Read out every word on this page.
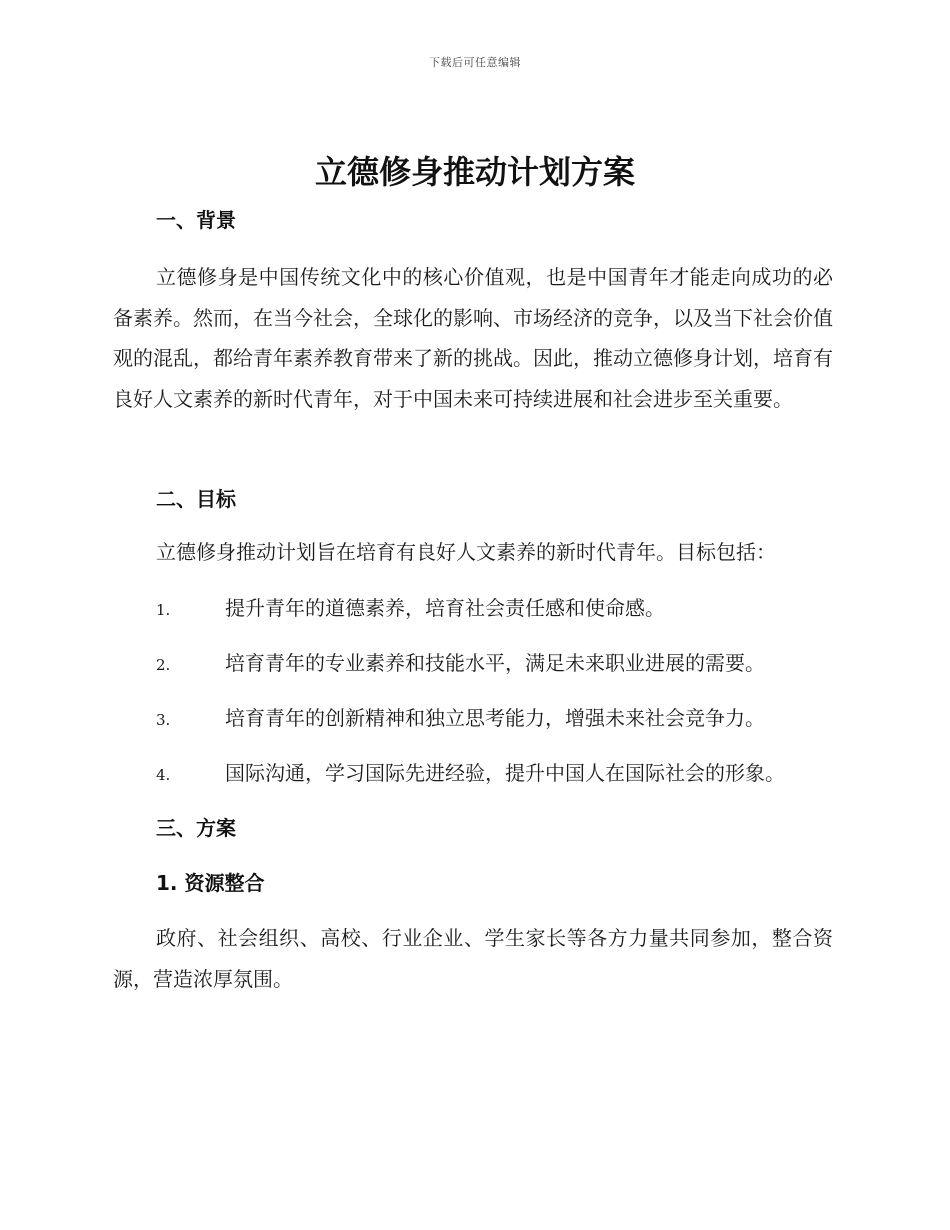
下载后可任意编辑
立德修身推动计划方案
一、背景

立德修身是中国传统文化中的核心价值观，也是中国青年才能走向成功的必备素养。然而，在当今社会，全球化的影响、市场经济的竞争，以及当下社会价值观的混乱，都给青年素养教育带来了新的挑战。因此，推动立德修身计划，培育有良好人文素养的新时代青年，对于中国未来可持续进展和社会进步至关重要。

二、目标

立德修身推动计划旨在培育有良好人文素养的新时代青年。目标包括：

1.	提升青年的道德素养，培育社会责任感和使命感。
2.	培育青年的专业素养和技能水平，满足未来职业进展的需要。
3.	培育青年的创新精神和独立思考能力，增强未来社会竞争力。
4.	国际沟通，学习国际先进经验，提升中国人在国际社会的形象。
三、方案
1. 资源整合

政府、社会组织、高校、行业企业、学生家长等各方力量共同参加，整合资源，营造浓厚氛围。
